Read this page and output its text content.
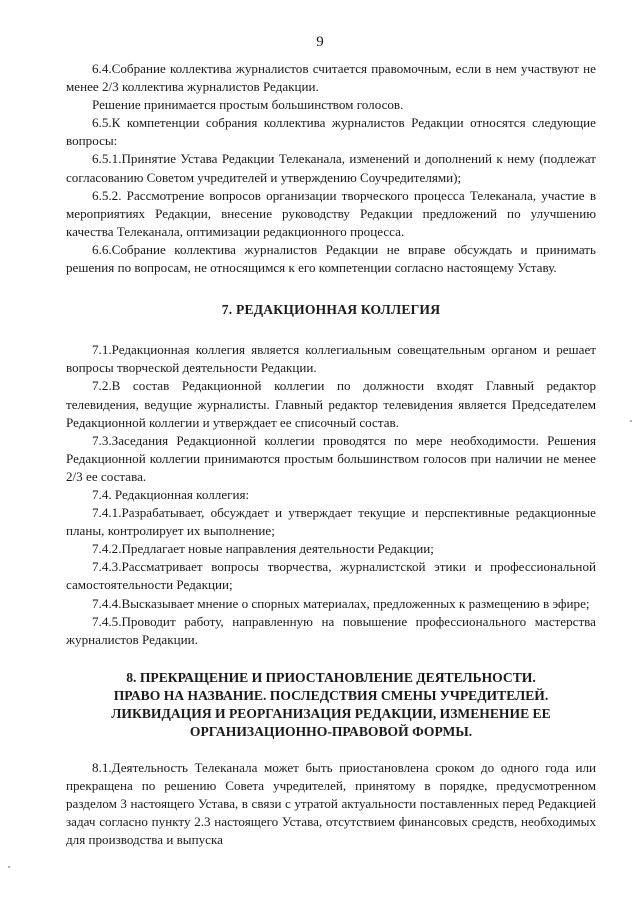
9

6.4.Собрание коллектива журналистов считается правомочным, если в нем участвуют не менее 2/3 коллектива журналистов Редакции.

Решение принимается простым большинством голосов.

6.5.К компетенции собрания коллектива журналистов Редакции относятся следующие вопросы:

6.5.1.Принятие Устава Редакции Телеканала, изменений и дополнений к нему (подлежат согласованию Советом учредителей и утверждению Соучредителями);

6.5.2. Рассмотрение вопросов организации творческого процесса Телеканала, участие в мероприятиях Редакции, внесение руководству Редакции предложений по улучшению качества Телеканала, оптимизации редакционного процесса.

6.6.Собрание коллектива журналистов Редакции не вправе обсуждать и принимать решения по вопросам, не относящимся к его компетенции согласно настоящему Уставу.

7. РЕДАКЦИОННАЯ КОЛЛЕГИЯ

7.1.Редакционная коллегия является коллегиальным совещательным органом и решает вопросы творческой деятельности Редакции.

7.2.В состав Редакционной коллегии по должности входят Главный редактор телевидения, ведущие журналисты. Главный редактор телевидения является Председателем Редакционной коллегии и утверждает ее списочный состав.

7.3.Заседания Редакционной коллегии проводятся по мере необходимости. Решения Редакционной коллегии принимаются простым большинством голосов при наличии не менее 2/3 ее состава.

7.4. Редакционная коллегия:

7.4.1.Разрабатывает, обсуждает и утверждает текущие и перспективные редакционные планы, контролирует их выполнение;

7.4.2.Предлагает новые направления деятельности Редакции;

7.4.3.Рассматривает вопросы творчества, журналистской этики и профессиональной самостоятельности Редакции;

7.4.4.Высказывает мнение о спорных материалах, предложенных к размещению в эфире;

7.4.5.Проводит работу, направленную на повышение профессионального мастерства журналистов Редакции.

8. ПРЕКРАЩЕНИЕ И ПРИОСТАНОВЛЕНИЕ ДЕЯТЕЛЬНОСТИ.
ПРАВО НА НАЗВАНИЕ. ПОСЛЕДСТВИЯ СМЕНЫ УЧРЕДИТЕЛЕЙ.
ЛИКВИДАЦИЯ И РЕОРГАНИЗАЦИЯ РЕДАКЦИИ, ИЗМЕНЕНИЕ ЕЕ
ОРГАНИЗАЦИОННО-ПРАВОВОЙ ФОРМЫ.

8.1.Деятельность Телеканала может быть приостановлена сроком до одного года или прекращена по решению Совета учредителей, принятому в порядке, предусмотренном разделом 3 настоящего Устава, в связи с утратой актуальности поставленных перед Редакцией задач согласно пункту 2.3 настоящего Устава, отсутствием финансовых средств, необходимых для производства и выпуска
